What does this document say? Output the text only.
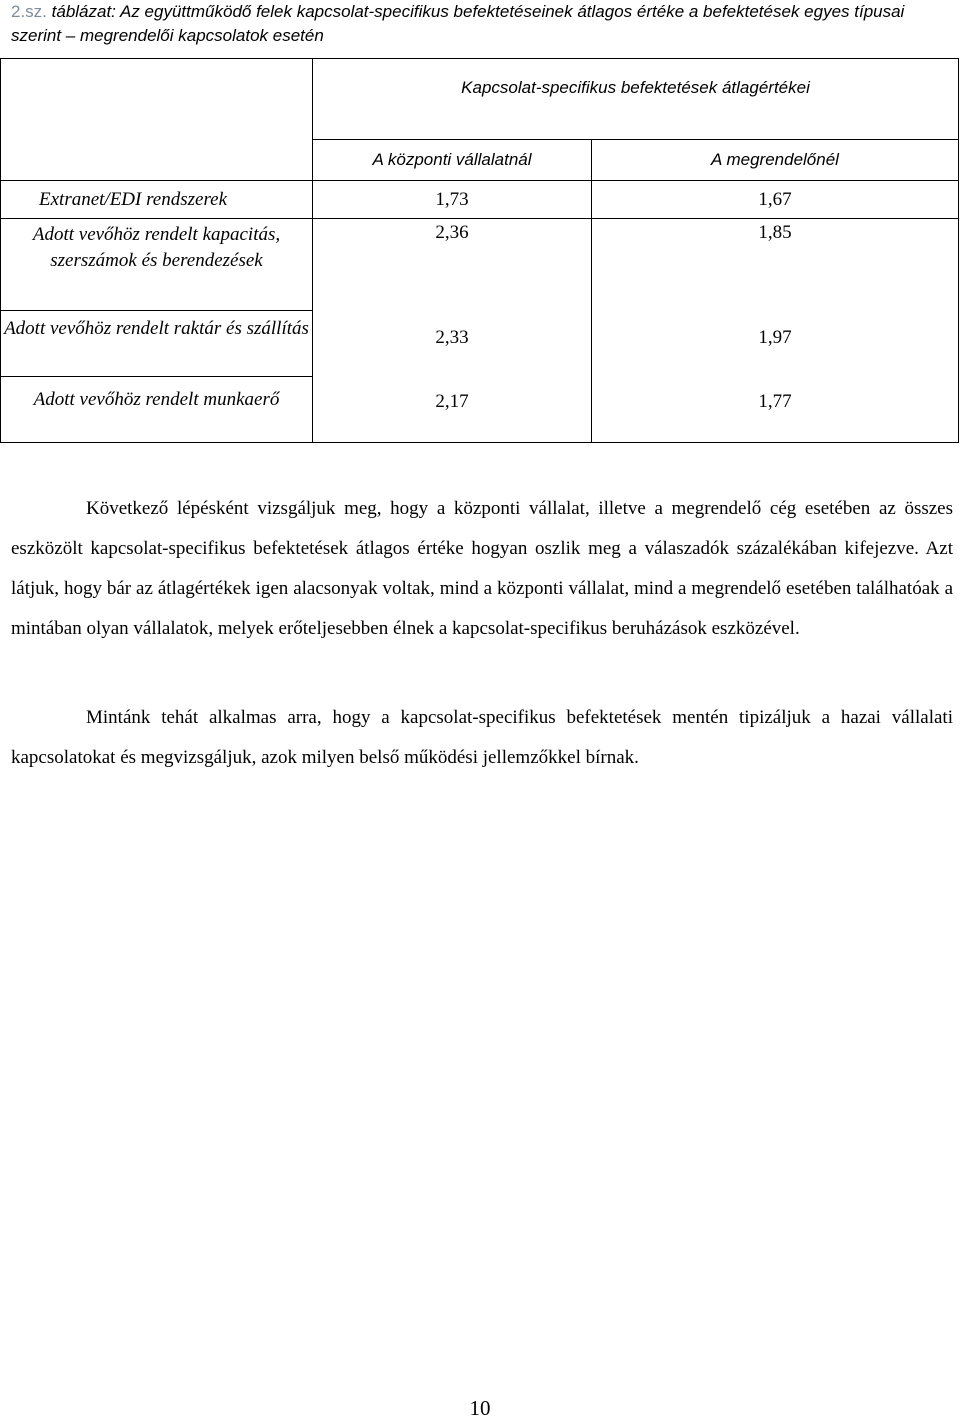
2.sz. táblázat: Az együttműködő felek kapcsolat-specifikus befektetéseinek átlagos értéke a befektetések egyes típusai szerint – megrendelői kapcsolatok esetén
	Kapcsolat-specifikus befektetések átlagértékei	
	A központi vállalatnál	A megrendelőnél
Extranet/EDI rendszerek	1,73	1,67
Adott vevőhöz rendelt kapacitás, szerszámok és berendezések	2,36	1,85
Adott vevőhöz rendelt raktár és szállítás	2,33	1,97
Adott vevőhöz rendelt munkaerő	2,17	1,77
Következő lépésként vizsgáljuk meg, hogy a központi vállalat, illetve a megrendelő cég esetében az összes eszközölt kapcsolat-specifikus befektetések átlagos értéke hogyan oszlik meg a válaszadók százalékában kifejezve. Azt látjuk, hogy bár az átlagértékek igen alacsonyak voltak, mind a központi vállalat, mind a megrendelő esetében találhatóak a mintában olyan vállalatok, melyek erőteljesebben élnek a kapcsolat-specifikus beruházások eszközével.
Mintánk tehát alkalmas arra, hogy a kapcsolat-specifikus befektetések mentén tipizáljuk a hazai vállalati kapcsolatokat és megvizsgáljuk, azok milyen belső működési jellemzőkkel bírnak.
10
